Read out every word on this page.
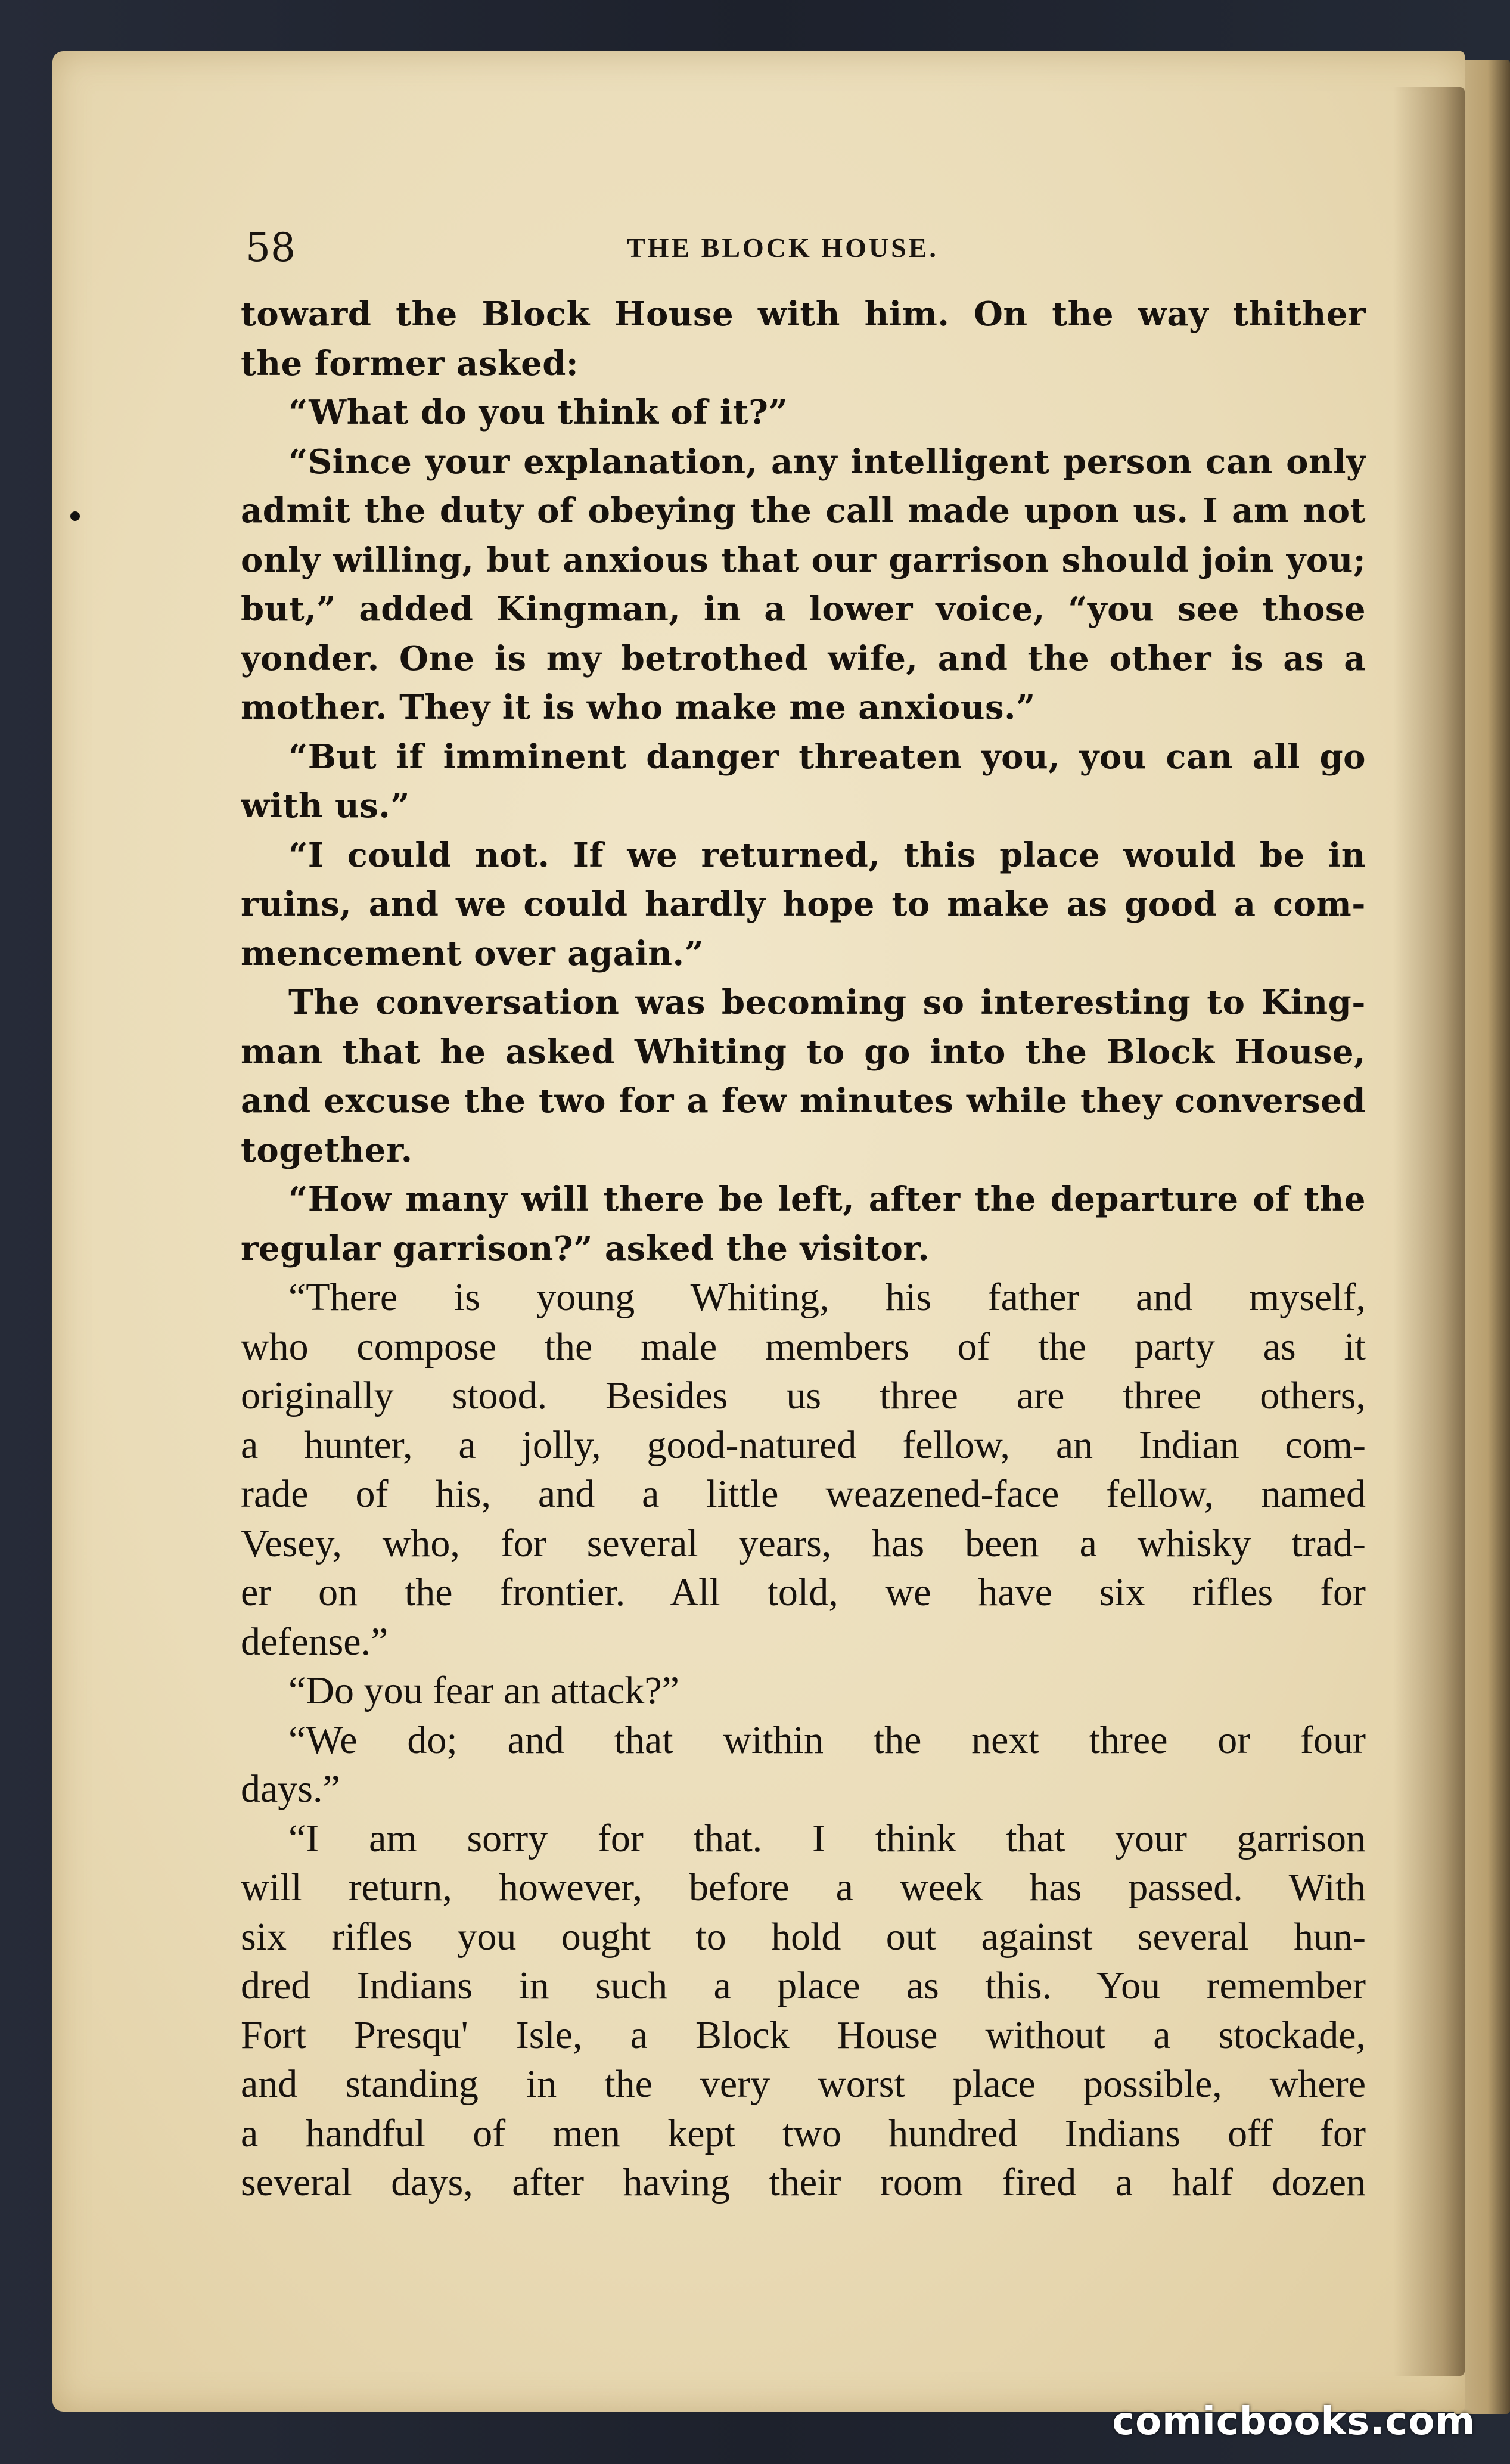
58	THE BLOCK HOUSE.
toward the Block House with him. On the way thither
the former asked:
“What do you think of it?”
“Since your explanation, any intelligent person can only
admit the duty of obeying the call made upon us. I am not
only willing, but anxious that our garrison should join you;
but,” added Kingman, in a lower voice, “you see those
yonder. One is my betrothed wife, and the other is as a
mother. They it is who make me anxious.”
“But if imminent danger threaten you, you can all go
with us.”
“I could not. If we returned, this place would be in
ruins, and we could hardly hope to make as good a com-
mencement over again.”
The conversation was becoming so interesting to King-
man that he asked Whiting to go into the Block House,
and excuse the two for a few minutes while they conversed
together.
“How many will there be left, after the departure of the
regular garrison?” asked the visitor.
“There is young Whiting, his father and myself,
who compose the male members of the party as it
originally stood. Besides us three are three others,
a hunter, a jolly, good-natured fellow, an Indian com-
rade of his, and a little weazened-face fellow, named
Vesey, who, for several years, has been a whisky trad-
er on the frontier. All told, we have six rifles for
defense.”
“Do you fear an attack?”
“We do; and that within the next three or four
days.”
“I am sorry for that. I think that your garrison
will return, however, before a week has passed. With
six rifles you ought to hold out against several hun-
dred Indians in such a place as this. You remember
Fort Presqu' Isle, a Block House without a stockade,
and standing in the very worst place possible, where
a handful of men kept two hundred Indians off for
several days, after having their room fired a half dozen
comicbooks.com
